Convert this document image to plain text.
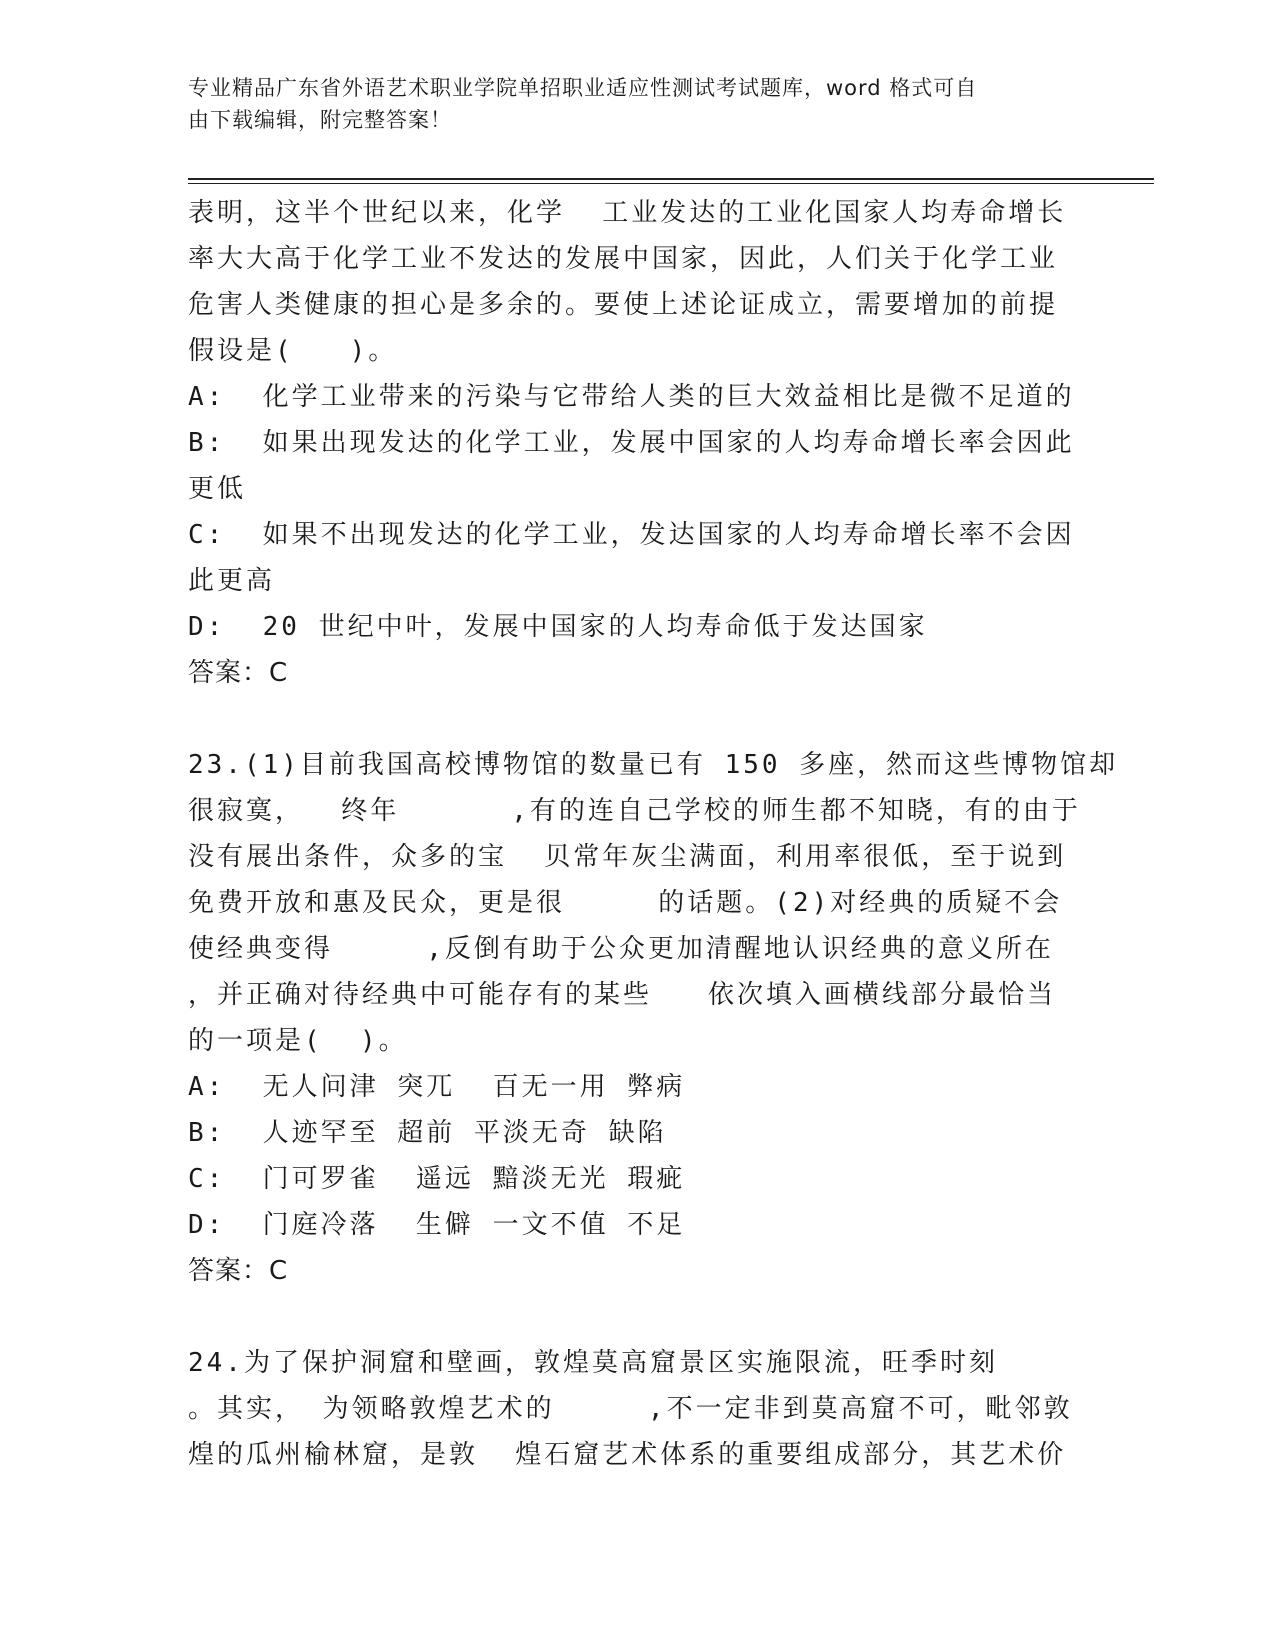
专业精品广东省外语艺术职业学院单招职业适应性测试考试题库，word 格式可自
由下载编辑，附完整答案！
表明，这半个世纪以来，化学  工业发达的工业化国家人均寿命增长
率大大高于化学工业不发达的发展中国家，因此，人们关于化学工业
危害人类健康的担心是多余的。要使上述论证成立，需要增加的前提
假设是(   )。
A:  化学工业带来的污染与它带给人类的巨大效益相比是微不足道的
B:  如果出现发达的化学工业，发展中国家的人均寿命增长率会因此
更低
C:  如果不出现发达的化学工业，发达国家的人均寿命增长率不会因
此更高
D:  20 世纪中叶，发展中国家的人均寿命低于发达国家
答案：C
23.(1)目前我国高校博物馆的数量已有 150 多座，然而这些博物馆却
很寂寞，  终年      ,有的连自己学校的师生都不知晓，有的由于
没有展出条件，众多的宝  贝常年灰尘满面，利用率很低，至于说到
免费开放和惠及民众，更是很     的话题。(2)对经典的质疑不会
使经典变得     ,反倒有助于公众更加清醒地认识经典的意义所在
，并正确对待经典中可能存有的某些   依次填入画横线部分最恰当
的一项是(  )。
A:  无人问津 突兀  百无一用 弊病
B:  人迹罕至 超前 平淡无奇 缺陷
C:  门可罗雀  遥远 黯淡无光 瑕疵
D:  门庭冷落  生僻 一文不值 不足
答案：C
24.为了保护洞窟和壁画，敦煌莫高窟景区实施限流，旺季时刻
。其实， 为领略敦煌艺术的     ,不一定非到莫高窟不可，毗邻敦
煌的瓜州榆林窟，是敦  煌石窟艺术体系的重要组成部分，其艺术价
